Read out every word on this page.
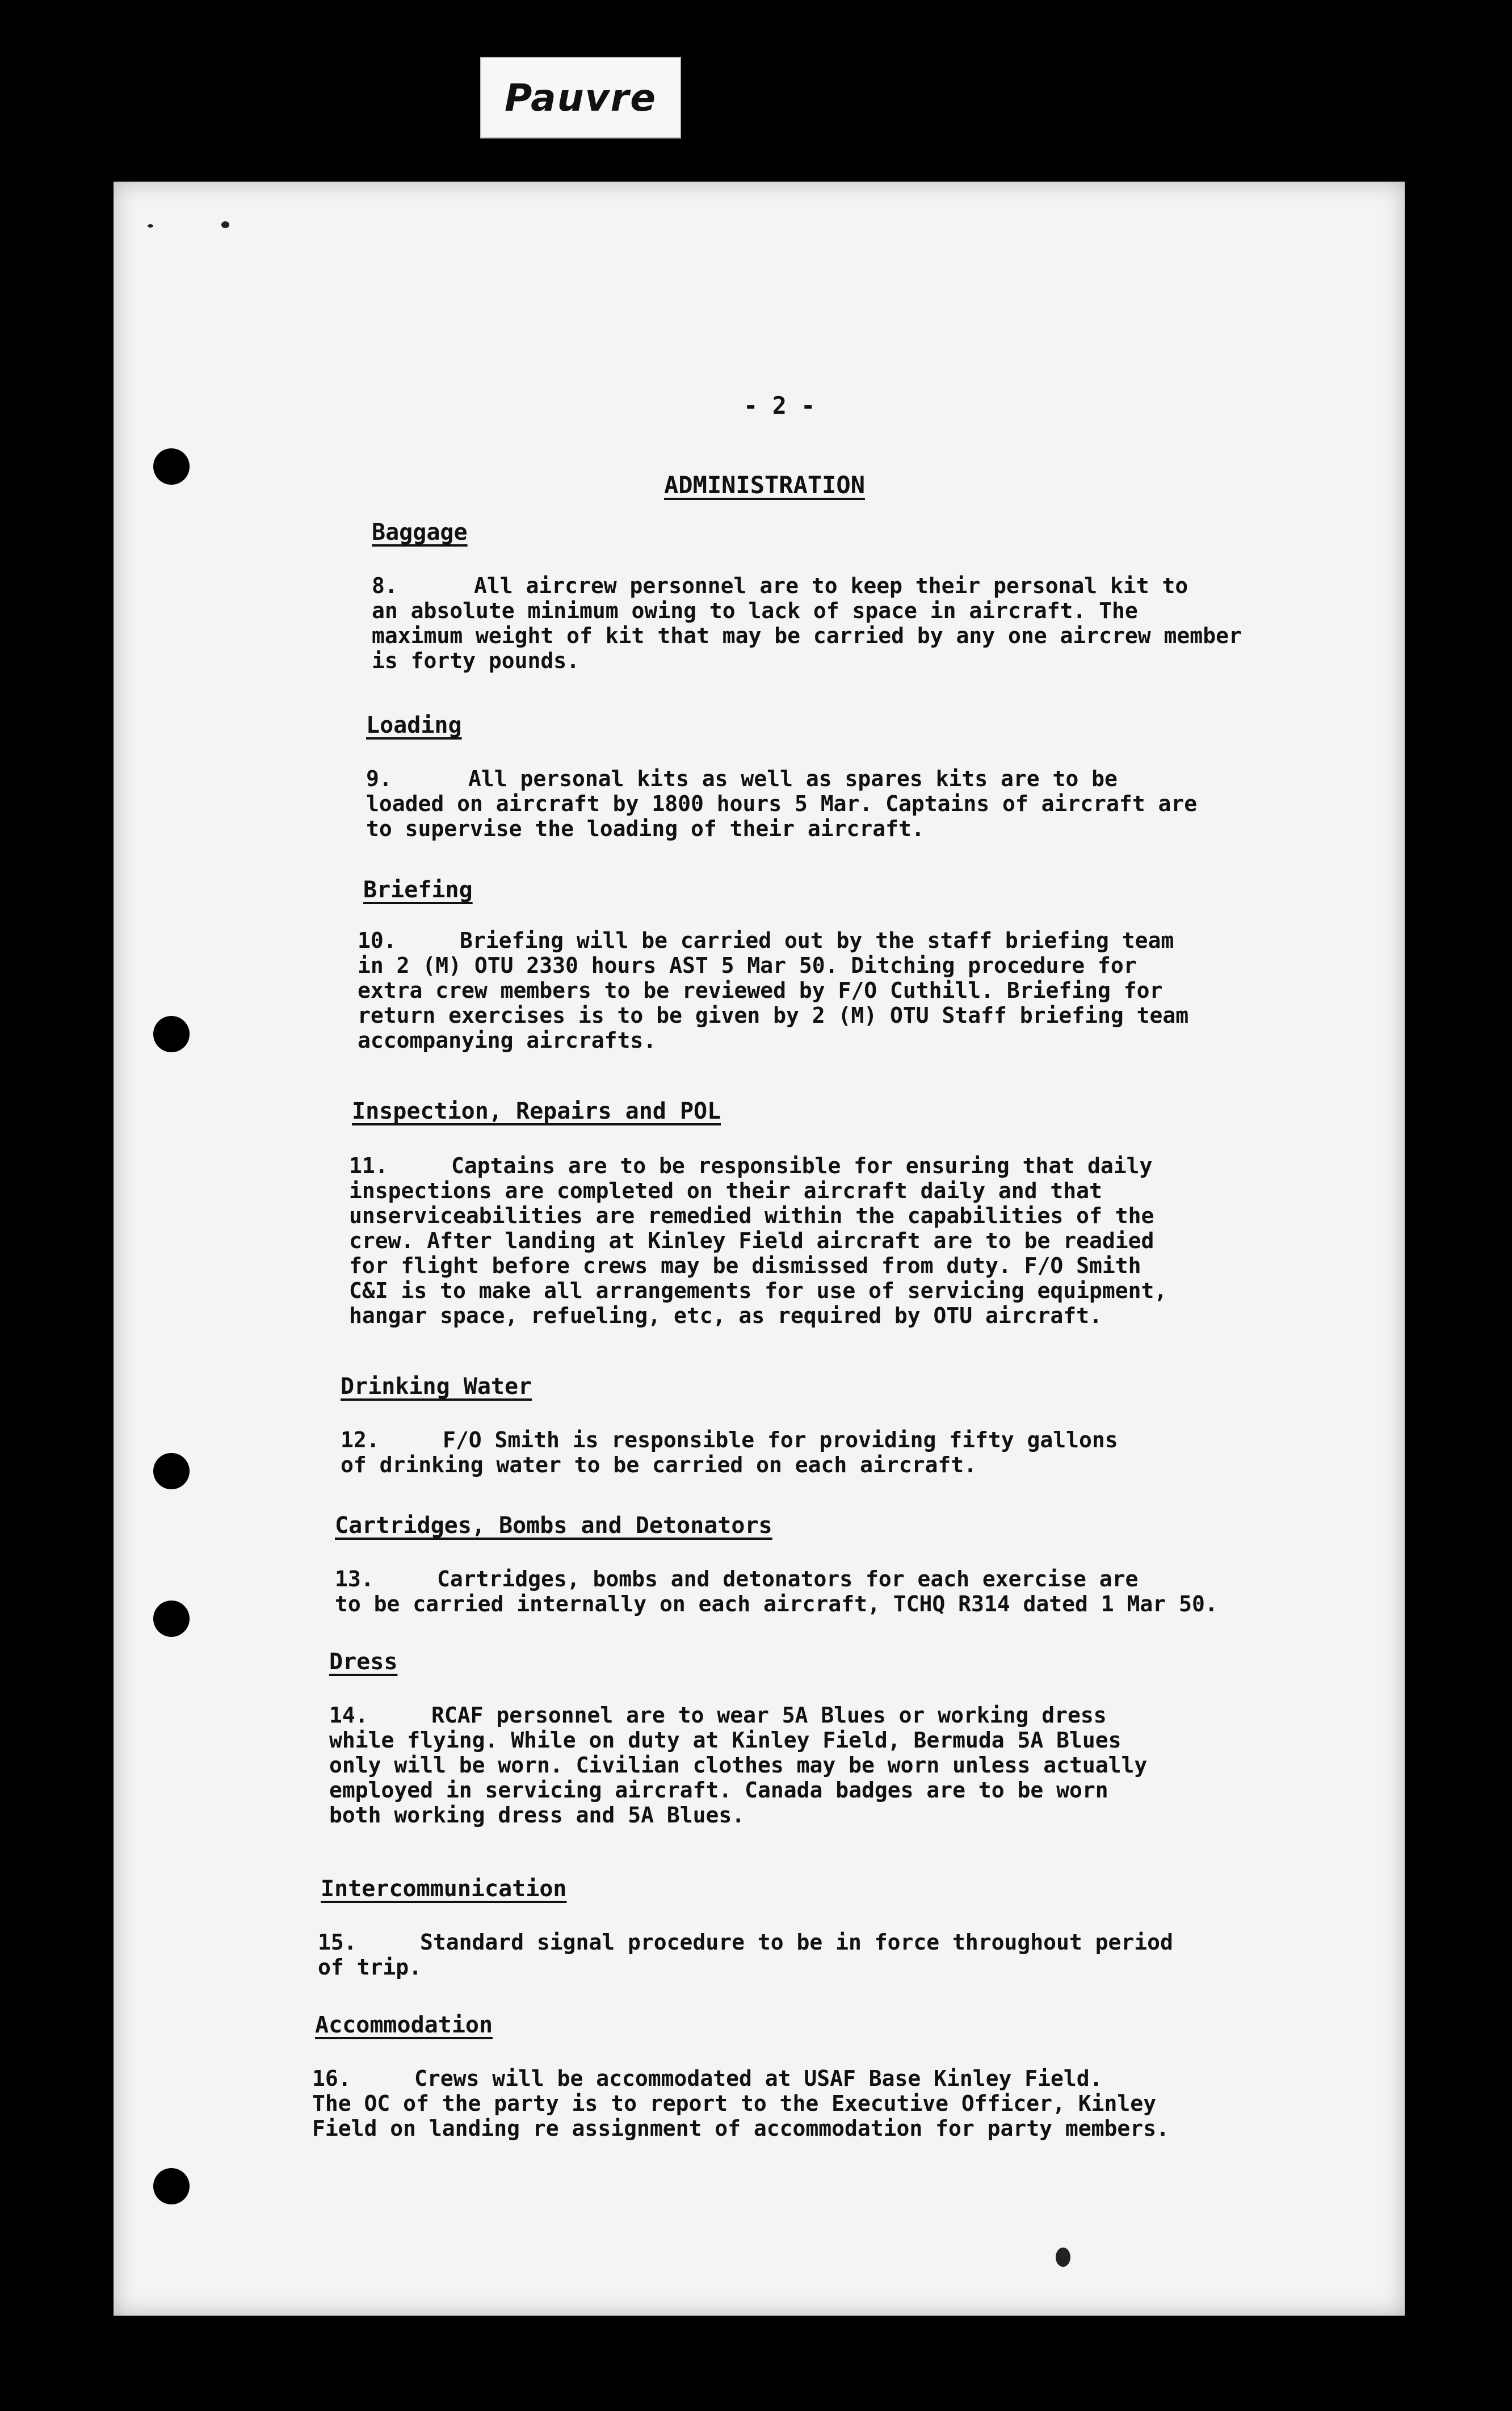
Pauvre
- 2 -
ADMINISTRATION
Baggage
8.	All aircrew personnel are to keep their personal kit to
an absolute minimum owing to lack of space in aircraft. The
maximum weight of kit that may be carried by any one aircrew member
is forty pounds.
Loading
9.	All personal kits as well as spares kits are to be
loaded on aircraft by 1800 hours 5 Mar. Captains of aircraft are
to supervise the loading of their aircraft.
Briefing
10.	Briefing will be carried out by the staff briefing team
in 2 (M) OTU 2330 hours AST 5 Mar 50. Ditching procedure for
extra crew members to be reviewed by F/O Cuthill. Briefing for
return exercises is to be given by 2 (M) OTU Staff briefing team
accompanying aircrafts.
Inspection, Repairs and POL
11.	Captains are to be responsible for ensuring that daily
inspections are completed on their aircraft daily and that
unserviceabilities are remedied within the capabilities of the
crew. After landing at Kinley Field aircraft are to be readied
for flight before crews may be dismissed from duty. F/O Smith
C&I is to make all arrangements for use of servicing equipment,
hangar space, refueling, etc, as required by OTU aircraft.
Drinking Water
12.	F/O Smith is responsible for providing fifty gallons
of drinking water to be carried on each aircraft.
Cartridges, Bombs and Detonators
13.	Cartridges, bombs and detonators for each exercise are
to be carried internally on each aircraft, TCHQ R314 dated 1 Mar 50.
Dress
14.	RCAF personnel are to wear 5A Blues or working dress
while flying. While on duty at Kinley Field, Bermuda 5A Blues
only will be worn. Civilian clothes may be worn unless actually
employed in servicing aircraft. Canada badges are to be worn
both working dress and 5A Blues.
Intercommunication
15.	Standard signal procedure to be in force throughout period
of trip.
Accommodation
16.	Crews will be accommodated at USAF Base Kinley Field.
The OC of the party is to report to the Executive Officer, Kinley
Field on landing re assignment of accommodation for party members.
